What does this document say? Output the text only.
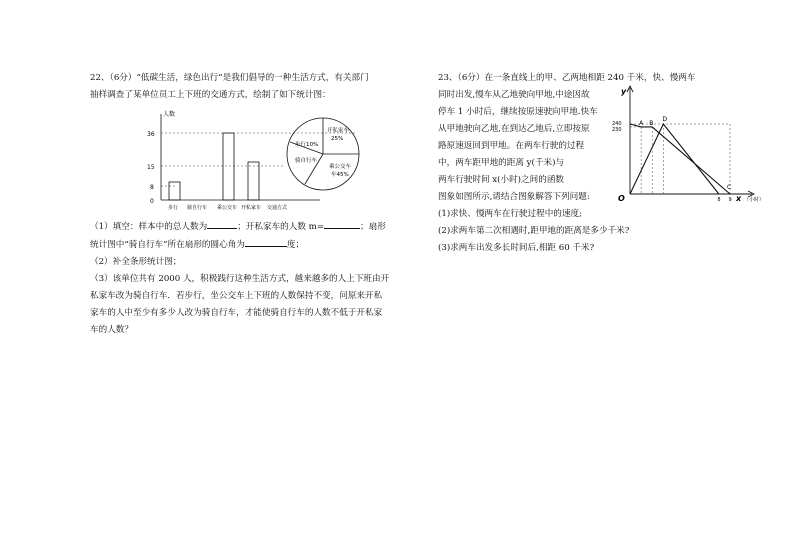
22、（6分）“低碳生活，绿色出行”是我们倡导的一种生活方式，有关部门
抽样调查了某单位员工上下班的交通方式，绘制了如下统计图：
人数
36
15
8
0
步行 骑自行车 乘公交车 开私家车 交通方式
开私家车
25%
步行10%
骑自行车
乘公交车
车45%
（1）填空：样本中的总人数为	；开私家车的人数 m=	；扇形
统计图中“骑自行车”所在扇形的圆心角为	度；
（2）补全条形统计图；
（3）该单位共有 2000 人，积极践行这种生活方式，越来越多的人上下班由开
私家车改为骑自行车．若步行，坐公交车上下班的人数保持不变，问原来开私
家车的人中至少有多少人改为骑自行车，才能使骑自行车的人数不低于开私家
车的人数？
23、（6分）在一条直线上的甲、乙两地相距 240 千米，快、慢两车
同时出发,慢车从乙地驶向甲地,中途因故
停车 1 小时后，继续按原速驶向甲地.快车
从甲地驶向乙地,在到达乙地后,立即按原
路原速返回到甲地。在两车行驶的过程
中，两车距甲地的距离 y(千米)与
两车行驶时间 x(小时)之间的函数
图象如图所示,请结合图象解答下列问题:
(1)求快、慢两车在行驶过程中的速度;
(2)求两车第二次相遇时,距甲地的距离是多少千米?
(3)求两车出发多长时间后,相距 60 千米?
y
x （小时）
O
240
230
8 9
A B
D
C
